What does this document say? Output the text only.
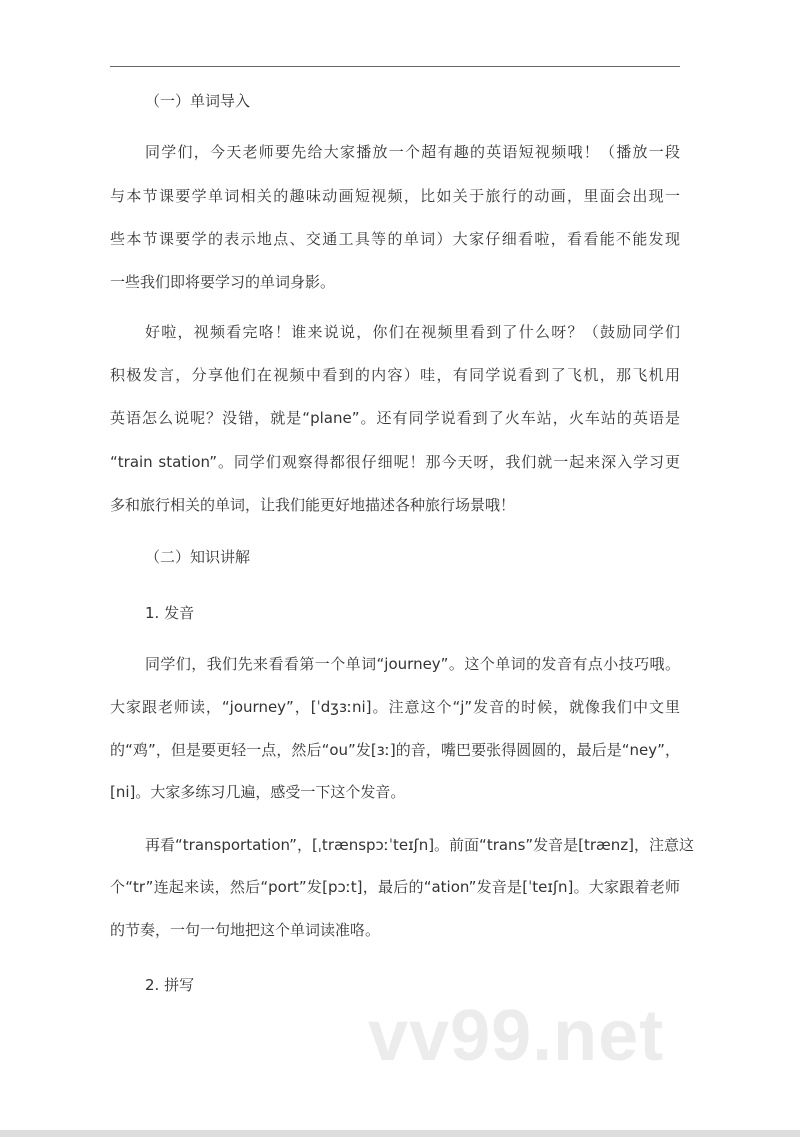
（一）单词导入
同学们，今天老师要先给大家播放一个超有趣的英语短视频哦！（播放一段
与本节课要学单词相关的趣味动画短视频，比如关于旅行的动画，里面会出现一
些本节课要学的表示地点、交通工具等的单词）大家仔细看啦，看看能不能发现
一些我们即将要学习的单词身影。
好啦，视频看完咯！谁来说说，你们在视频里看到了什么呀？（鼓励同学们
积极发言，分享他们在视频中看到的内容）哇，有同学说看到了飞机，那飞机用
英语怎么说呢？没错，就是“plane”。还有同学说看到了火车站，火车站的英语是
“train station”。同学们观察得都很仔细呢！那今天呀，我们就一起来深入学习更
多和旅行相关的单词，让我们能更好地描述各种旅行场景哦！
（二）知识讲解
1. 发音
同学们，我们先来看看第一个单词“journey”。这个单词的发音有点小技巧哦。
大家跟老师读，“journey”，[ˈdʒɜːni]。注意这个“j”发音的时候，就像我们中文里
的“鸡”，但是要更轻一点，然后“ou”发[ɜː]的音，嘴巴要张得圆圆的，最后是“ney”，
[ni]。大家多练习几遍，感受一下这个发音。
再看“transportation”，[ˌtrænspɔːˈteɪʃn]。前面“trans”发音是[trænz]，注意这
个“tr”连起来读，然后“port”发[pɔːt]，最后的“ation”发音是[ˈteɪʃn]。大家跟着老师
的节奏，一句一句地把这个单词读准咯。
2. 拼写
vv99.net
